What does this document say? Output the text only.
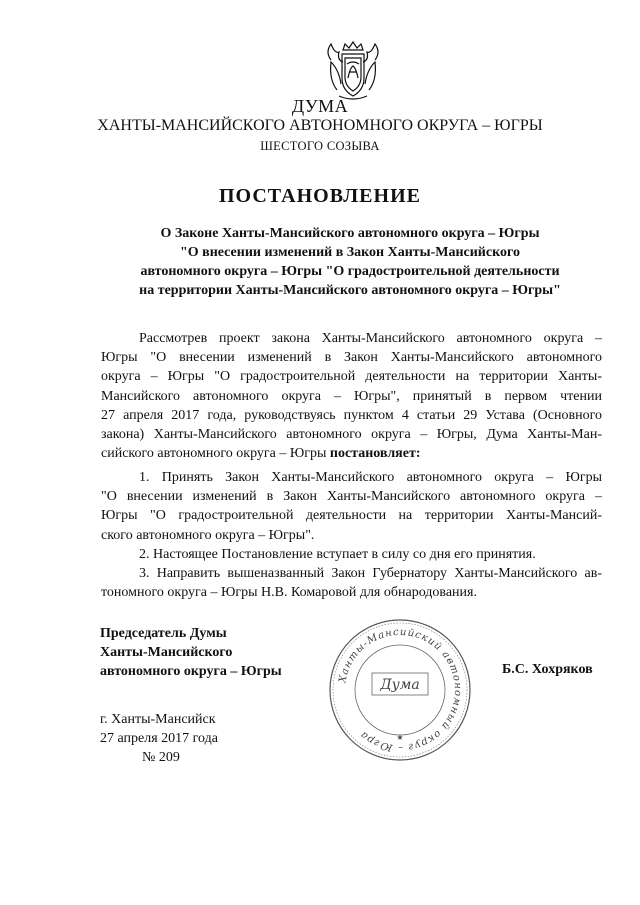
ДУМА
ХАНТЫ-МАНСИЙСКОГО АВТОНОМНОГО ОКРУГА – ЮГРЫ
ШЕСТОГО СОЗЫВА
ПОСТАНОВЛЕНИЕ
О Законе Ханты-Мансийского автономного округа – Югры
"О внесении изменений в Закон Ханты-Мансийского
автономного округа – Югры "О градостроительной деятельности
на территории Ханты-Мансийского автономного округа – Югры"
Рассмотрев проект закона Ханты-Мансийского автономного округа –
Югры "О внесении изменений в Закон Ханты-Мансийского автономного
округа – Югры "О градостроительной деятельности на территории Ханты-
Мансийского автономного округа – Югры", принятый в первом чтении
27 апреля 2017 года, руководствуясь пунктом 4 статьи 29 Устава (Основного
закона) Ханты-Мансийского автономного округа – Югры, Дума Ханты-Ман-
сийского автономного округа – Югры постановляет:
1. Принять Закон Ханты-Мансийского автономного округа – Югры
"О внесении изменений в Закон Ханты-Мансийского автономного округа –
Югры "О градостроительной деятельности на территории Ханты-Мансий-
ского автономного округа – Югры".
2. Настоящее Постановление вступает в силу со дня его принятия.
3. Направить вышеназванный Закон Губернатору Ханты-Мансийского ав-
тономного округа – Югры Н.В. Комаровой для обнародования.
Председатель Думы
Ханты-Мансийского
автономного округа – Югры	Ханты-Мансийский автономный округ – Югра
Дума
★
Б.С. Хохряков
г. Ханты-Мансийск
27 апреля 2017 года
№ 209
